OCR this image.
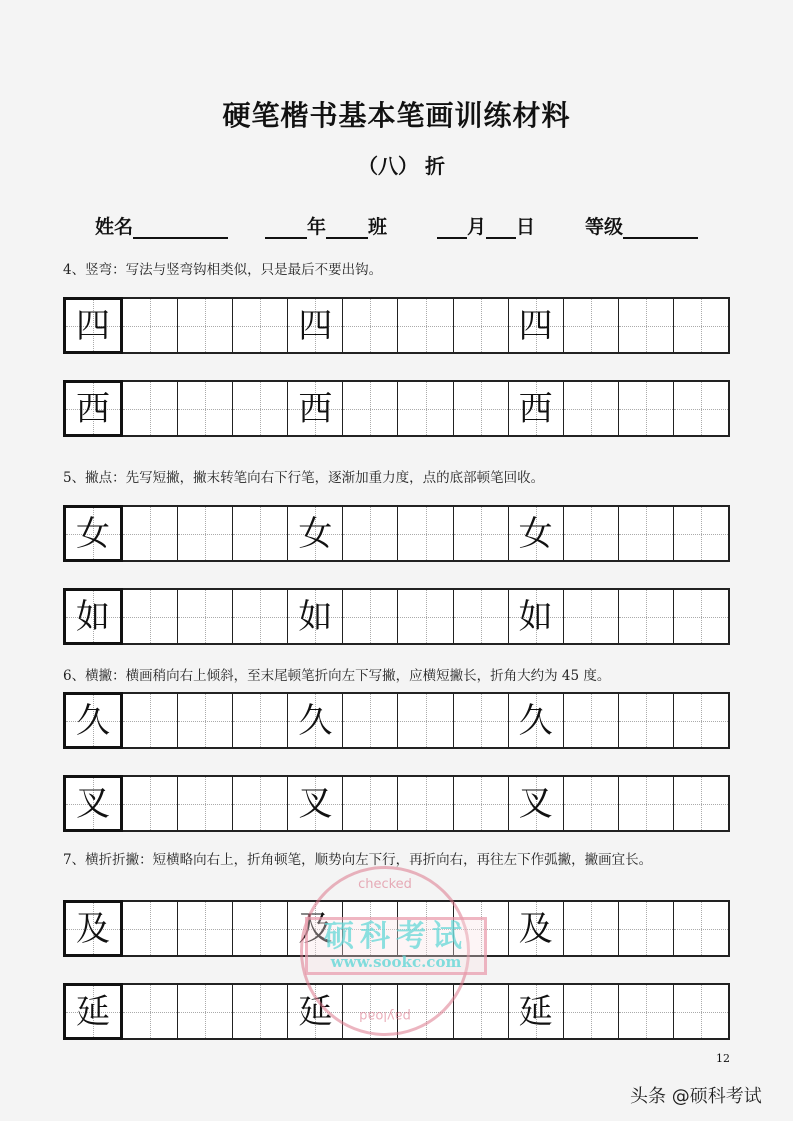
硬笔楷书基本笔画训练材料
（八） 折
姓名	年 班	月 日	等级
4、竖弯：写法与竖弯钩相类似，只是最后不要出钩。
四	四	四
西	西	西
5、撇点：先写短撇，撇末转笔向右下行笔，逐渐加重力度，点的底部顿笔回收。
女	女	女
如	如	如
6、横撇：横画稍向右上倾斜，至末尾顿笔折向左下写撇，应横短撇长，折角大约为 45 度。
久	久	久
叉	叉	叉
7、横折折撇：短横略向右上，折角顿笔，顺势向左下行，再折向右，再往左下作弧撇，撇画宜长。
及	及	及
延	延	延
checked
payload
硕科考试
www.sookc.com
12
头条 @硕科考试
